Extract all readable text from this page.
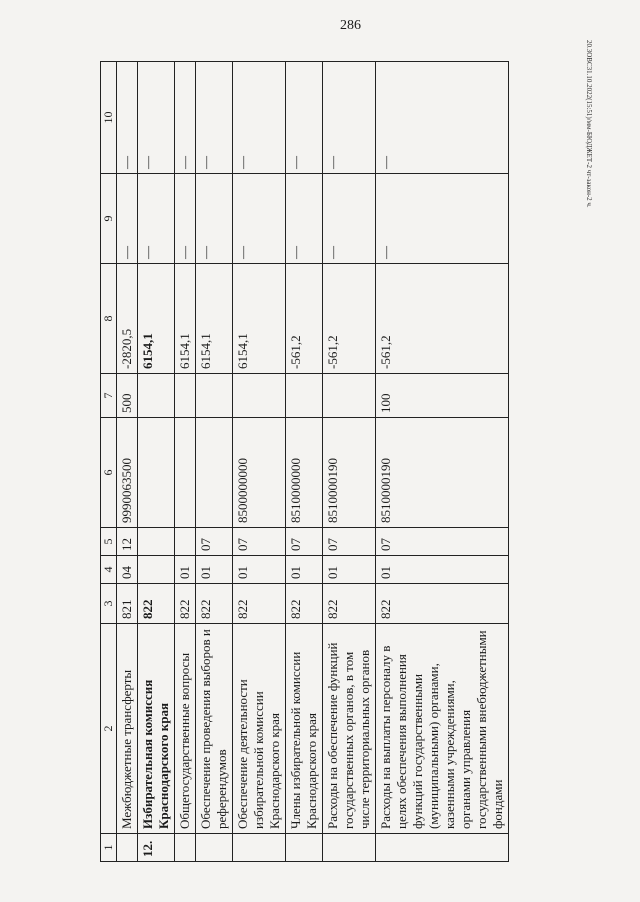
286
20.3ОВС31.10.2022(15:51)/мм-БЮДЖЕТ-2 чт-закон-2 ч.
1	2	3	4	5	6	7	8	9	10
	Межбюджетные трансферты	821	04	12	9990063500	500	-2820,5	—	—
12.	Избирательная комиссия Краснодарского края	822					6154,1	—	—
	Общегосударственные вопросы	822	01				6154,1	—	—
	Обеспечение проведения выборов и референдумов	822	01	07			6154,1	—	—
	Обеспечение деятельности избирательной комиссии Краснодарского края	822	01	07	8500000000		6154,1	—	—
	Члены избирательной комиссии Краснодарского края	822	01	07	8510000000		-561,2	—	—
	Расходы на обеспечение функций государственных органов, в том числе территориальных органов	822	01	07	8510000190		-561,2	—	—
	Расходы на выплаты персоналу в целях обеспечения выполнения функций государственными (муниципальными) органами, казенными учреждениями, органами управления государственными внебюджетными фондами	822	01	07	8510000190	100	-561,2	—	—
